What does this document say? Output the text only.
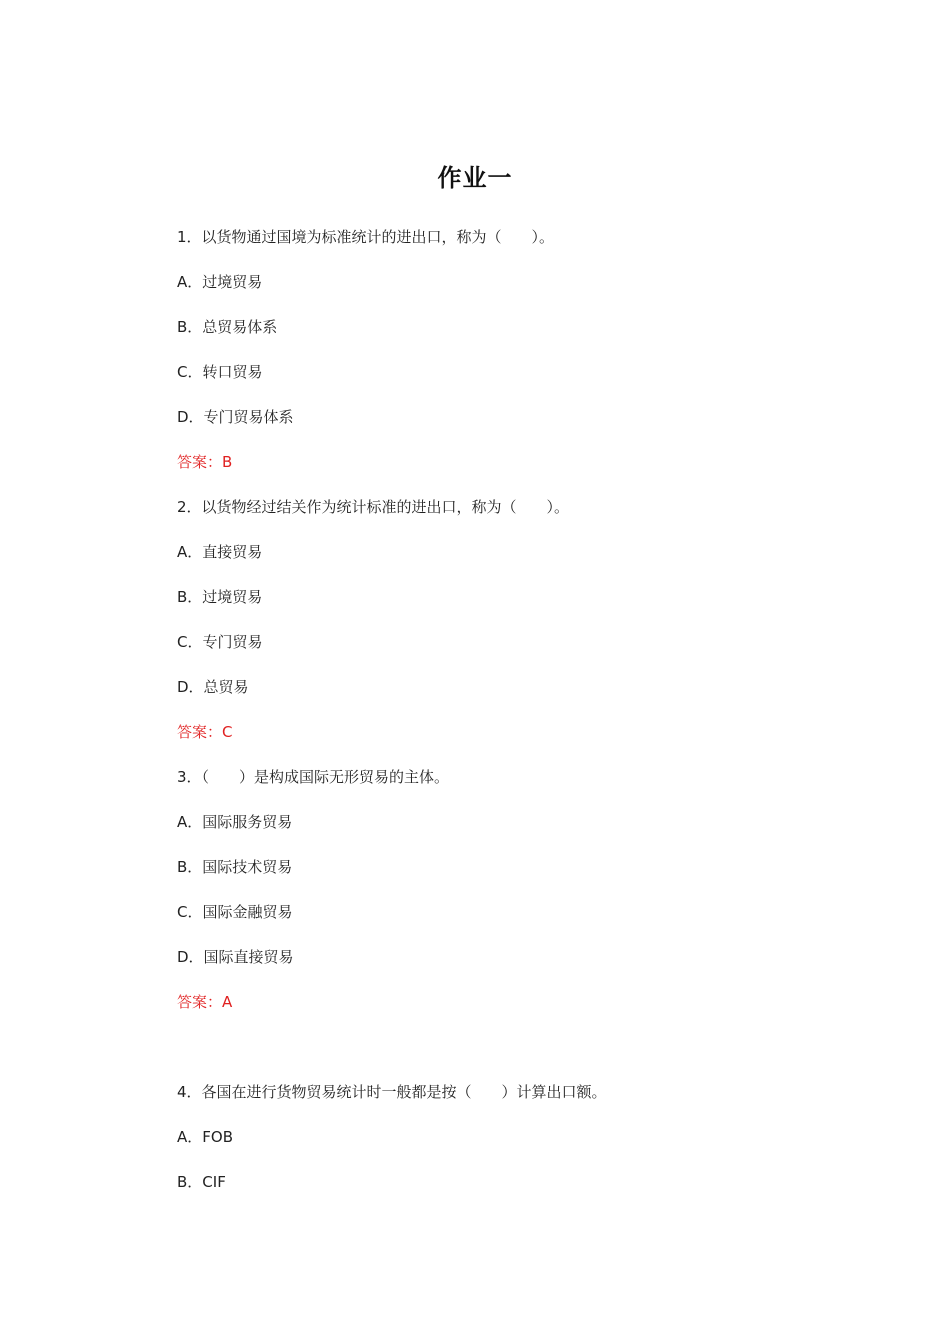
作业一
1．以货物通过国境为标准统计的进出口，称为（　　）。
A．过境贸易
B．总贸易体系
C．转口贸易
D．专门贸易体系
答案：B
2．以货物经过结关作为统计标准的进出口，称为（　　）。
A．直接贸易
B．过境贸易
C．专门贸易
D．总贸易
答案：C
3．（　　）是构成国际无形贸易的主体。
A．国际服务贸易
B．国际技术贸易
C．国际金融贸易
D．国际直接贸易
答案：A
4．各国在进行货物贸易统计时一般都是按（　　）计算出口额。
A．FOB
B．CIF
